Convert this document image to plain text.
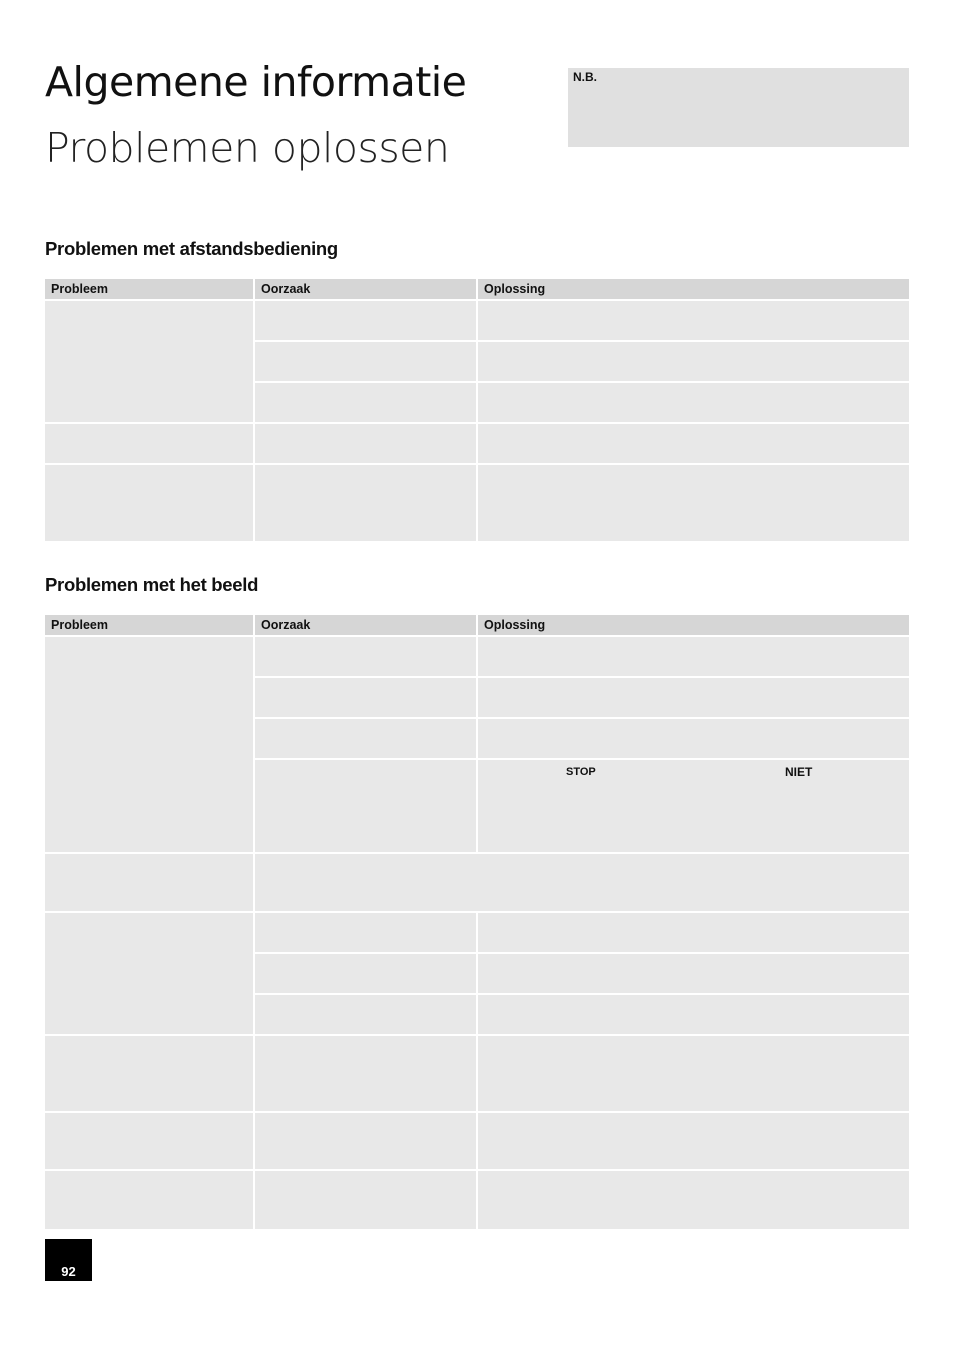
Algemene informatie
Problemen oplossen
N.B.
Problemen met afstandsbediening
Probleem	Oorzaak	Oplossing

Problemen met het beeld
Probleem	Oorzaak	Oplossing

		STOP NIET

92
